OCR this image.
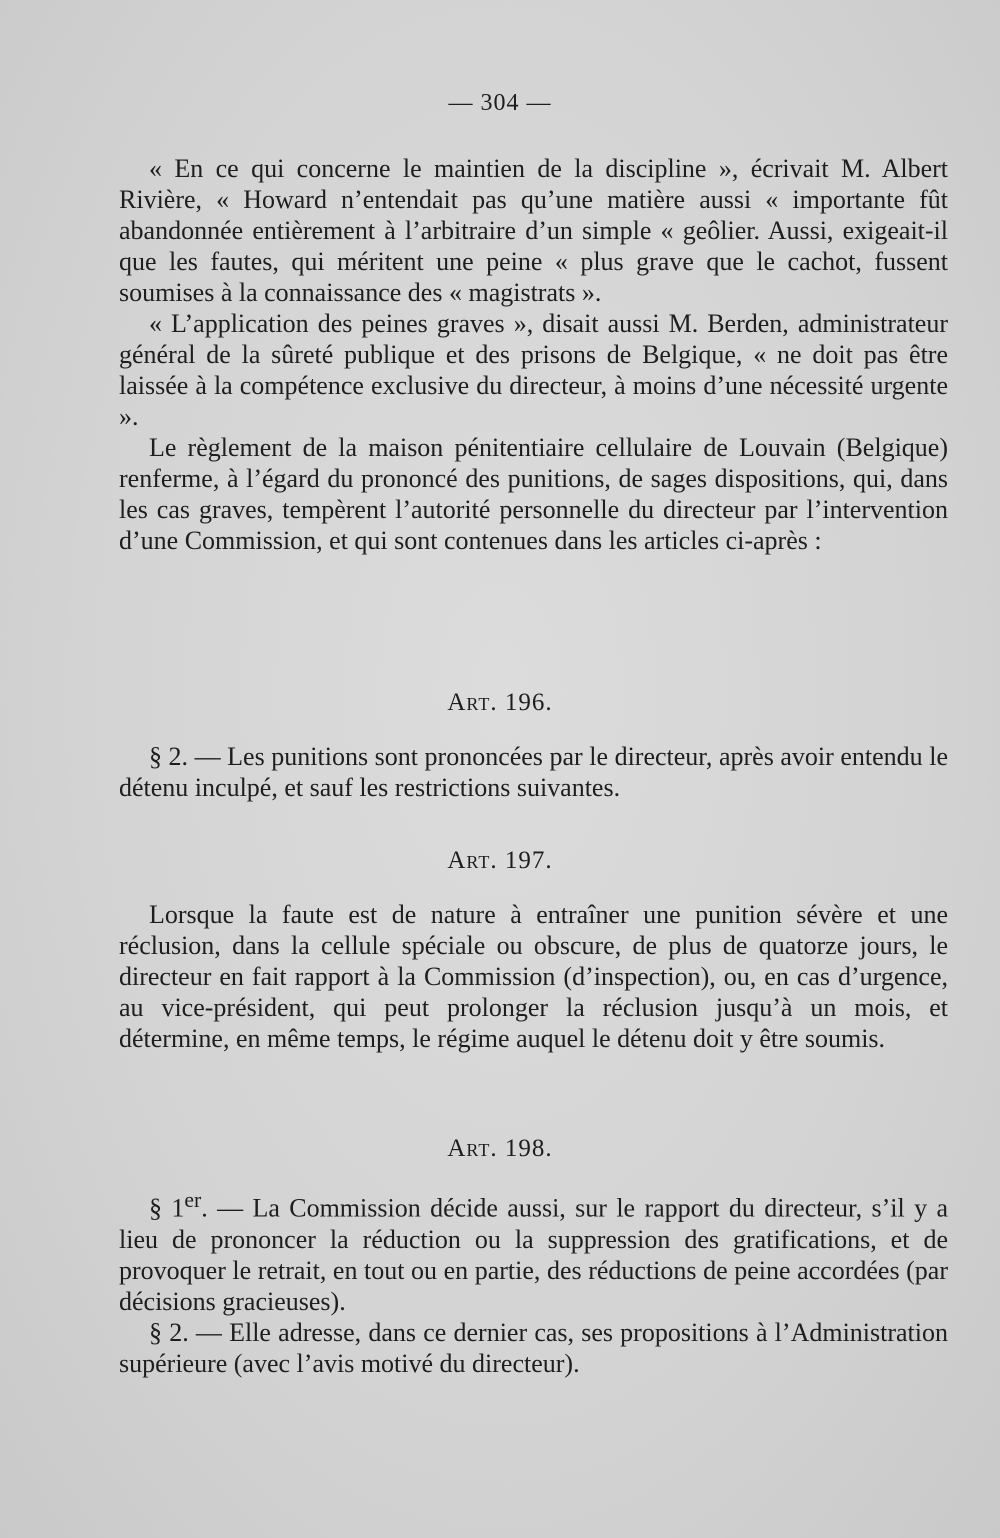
— 304 —

« En ce qui concerne le maintien de la discipline », écrivait M. Albert Rivière, « Howard n’entendait pas qu’une matière aussi « importante fût abandonnée entièrement à l’arbitraire d’un simple « geôlier. Aussi, exigeait-il que les fautes, qui méritent une peine « plus grave que le cachot, fussent soumises à la connaissance des « magistrats ».

« L’application des peines graves », disait aussi M. Berden, administrateur général de la sûreté publique et des prisons de Belgique, « ne doit pas être laissée à la compétence exclusive du directeur, à moins d’une nécessité urgente ».

Le règlement de la maison pénitentiaire cellulaire de Louvain (Belgique) renferme, à l’égard du prononcé des punitions, de sages dispositions, qui, dans les cas graves, tempèrent l’autorité personnelle du directeur par l’intervention d’une Commission, et qui sont contenues dans les articles ci-après :

Art. 196.

§ 2. — Les punitions sont prononcées par le directeur, après avoir entendu le détenu inculpé, et sauf les restrictions suivantes.

Art. 197.

Lorsque la faute est de nature à entraîner une punition sévère et une réclusion, dans la cellule spéciale ou obscure, de plus de quatorze jours, le directeur en fait rapport à la Commission (d’inspection), ou, en cas d’urgence, au vice-président, qui peut prolonger la réclusion jusqu’à un mois, et détermine, en même temps, le régime auquel le détenu doit y être soumis.

Art. 198.

§ 1er. — La Commission décide aussi, sur le rapport du directeur, s’il y a lieu de prononcer la réduction ou la suppression des gratifications, et de provoquer le retrait, en tout ou en partie, des réductions de peine accordées (par décisions gracieuses).

§ 2. — Elle adresse, dans ce dernier cas, ses propositions à l’Administration supérieure (avec l’avis motivé du directeur).
